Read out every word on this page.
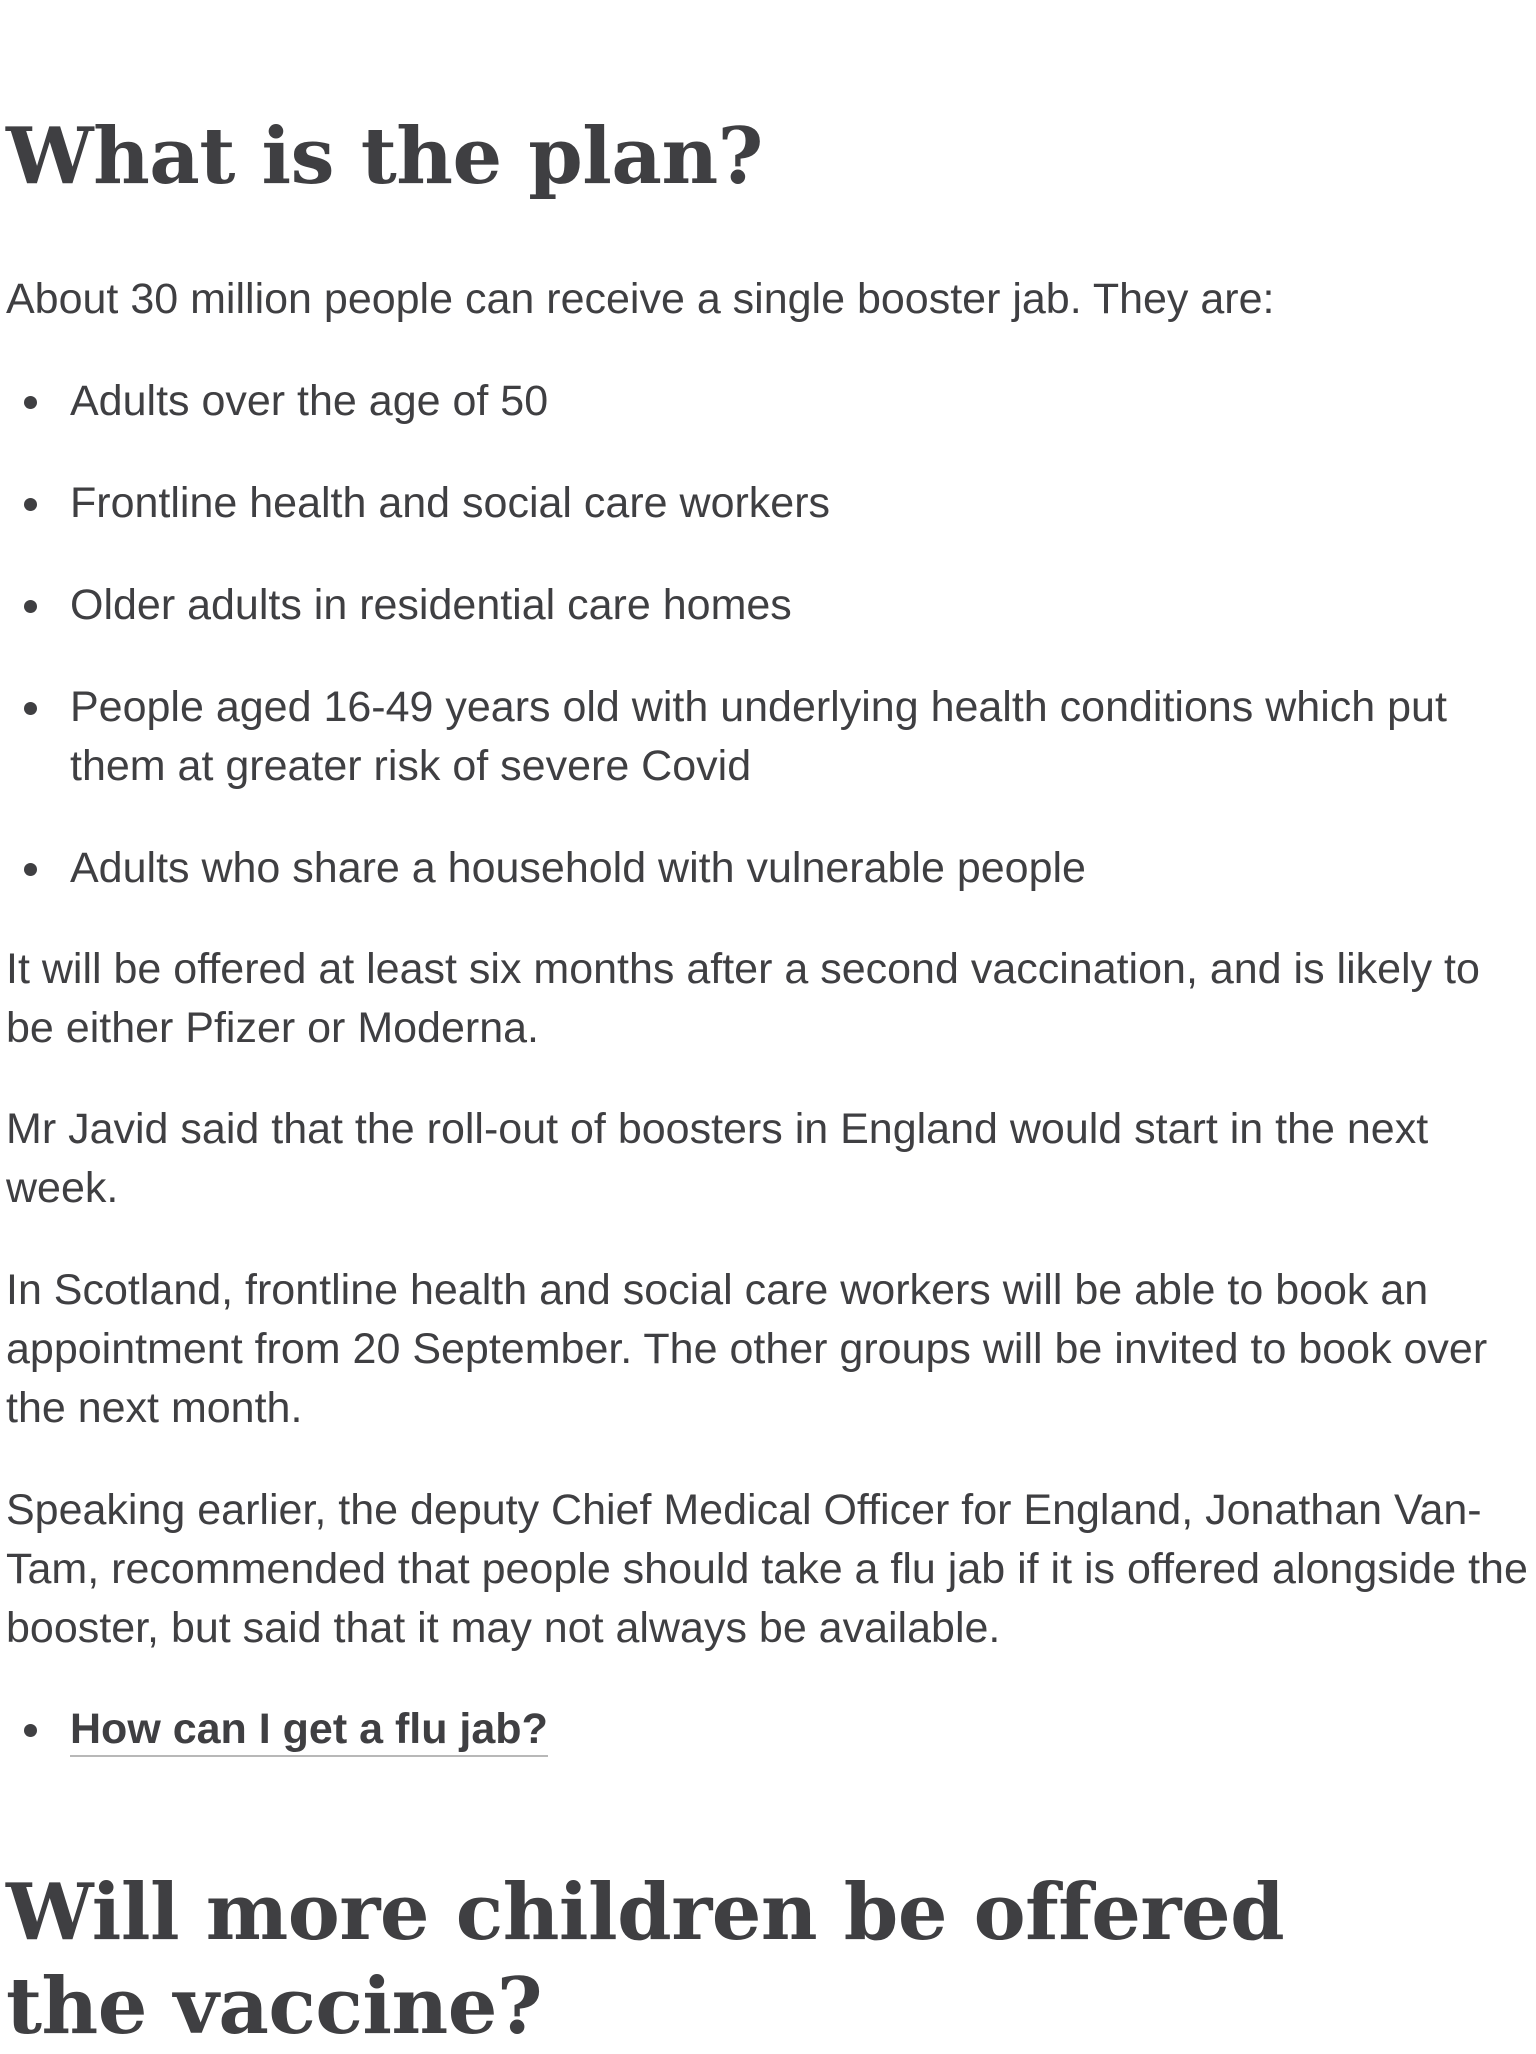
What is the plan?

About 30 million people can receive a single booster jab. They are:

Adults over the age of 50
Frontline health and social care workers
Older adults in residential care homes
People aged 16-49 years old with underlying health conditions which put them at greater risk of severe Covid
Adults who share a household with vulnerable people

It will be offered at least six months after a second vaccination, and is likely to be either Pfizer or Moderna.

Mr Javid said that the roll-out of boosters in England would start in the next week.

In Scotland, frontline health and social care workers will be able to book an appointment from 20 September. The other groups will be invited to book over the next month.

Speaking earlier, the deputy Chief Medical Officer for England, Jonathan Van-Tam, recommended that people should take a flu jab if it is offered alongside the booster, but said that it may not always be available.

How can I get a flu jab?
Will more children be offered the vaccine?
